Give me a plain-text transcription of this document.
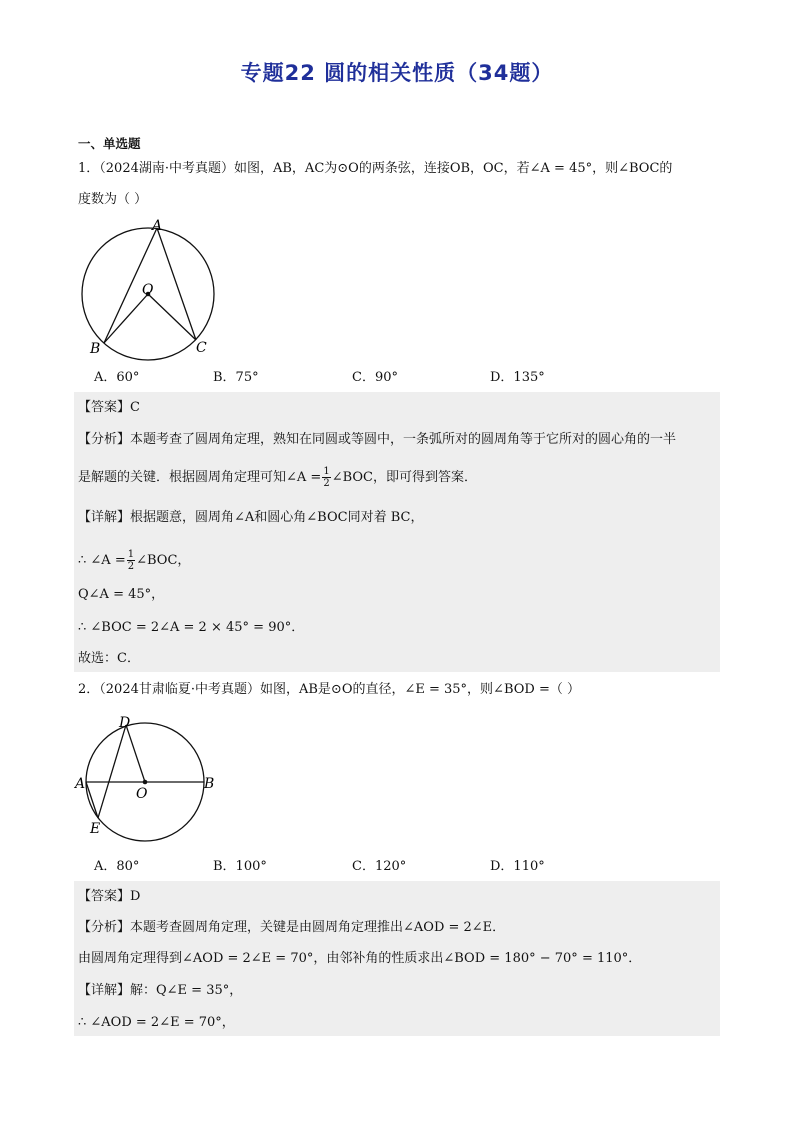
专题22 圆的相关性质（34题）
一、单选题
1．（2024湖南·中考真题）如图，AB，AC为⊙O的两条弦，连接OB，OC，若∠A = 45°，则∠BOC的
度数为（ ）
A
O
B	C
A．60°	B．75°	C．90°	D．135°
【答案】C
【分析】本题考查了圆周角定理，熟知在同圆或等圆中，一条弧所对的圆周角等于它所对的圆心角的一半
是解题的关键．根据圆周角定理可知∠A = $\frac{1}{2}$ ∠BOC，即可得到答案．
【详解】根据题意，圆周角∠A和圆心角∠BOC同对着 BC，
∴ ∠A = $\frac{1}{2}$ ∠BOC，
Q∠A = 45°，
∴ ∠BOC = 2∠A = 2 × 45° = 90°．
故选：C．
2．（2024甘肃临夏·中考真题）如图，AB是⊙O的直径，∠E = 35°，则∠BOD =（ ）
D
A
O
B
E
A．80°	B．100°	C．120°	D．110°
【答案】D
【分析】本题考查圆周角定理，关键是由圆周角定理推出∠AOD = 2∠E．
由圆周角定理得到∠AOD = 2∠E = 70°，由邻补角的性质求出∠BOD = 180° − 70° = 110°．
【详解】解：Q∠E = 35°，
∴ ∠AOD = 2∠E = 70°，
